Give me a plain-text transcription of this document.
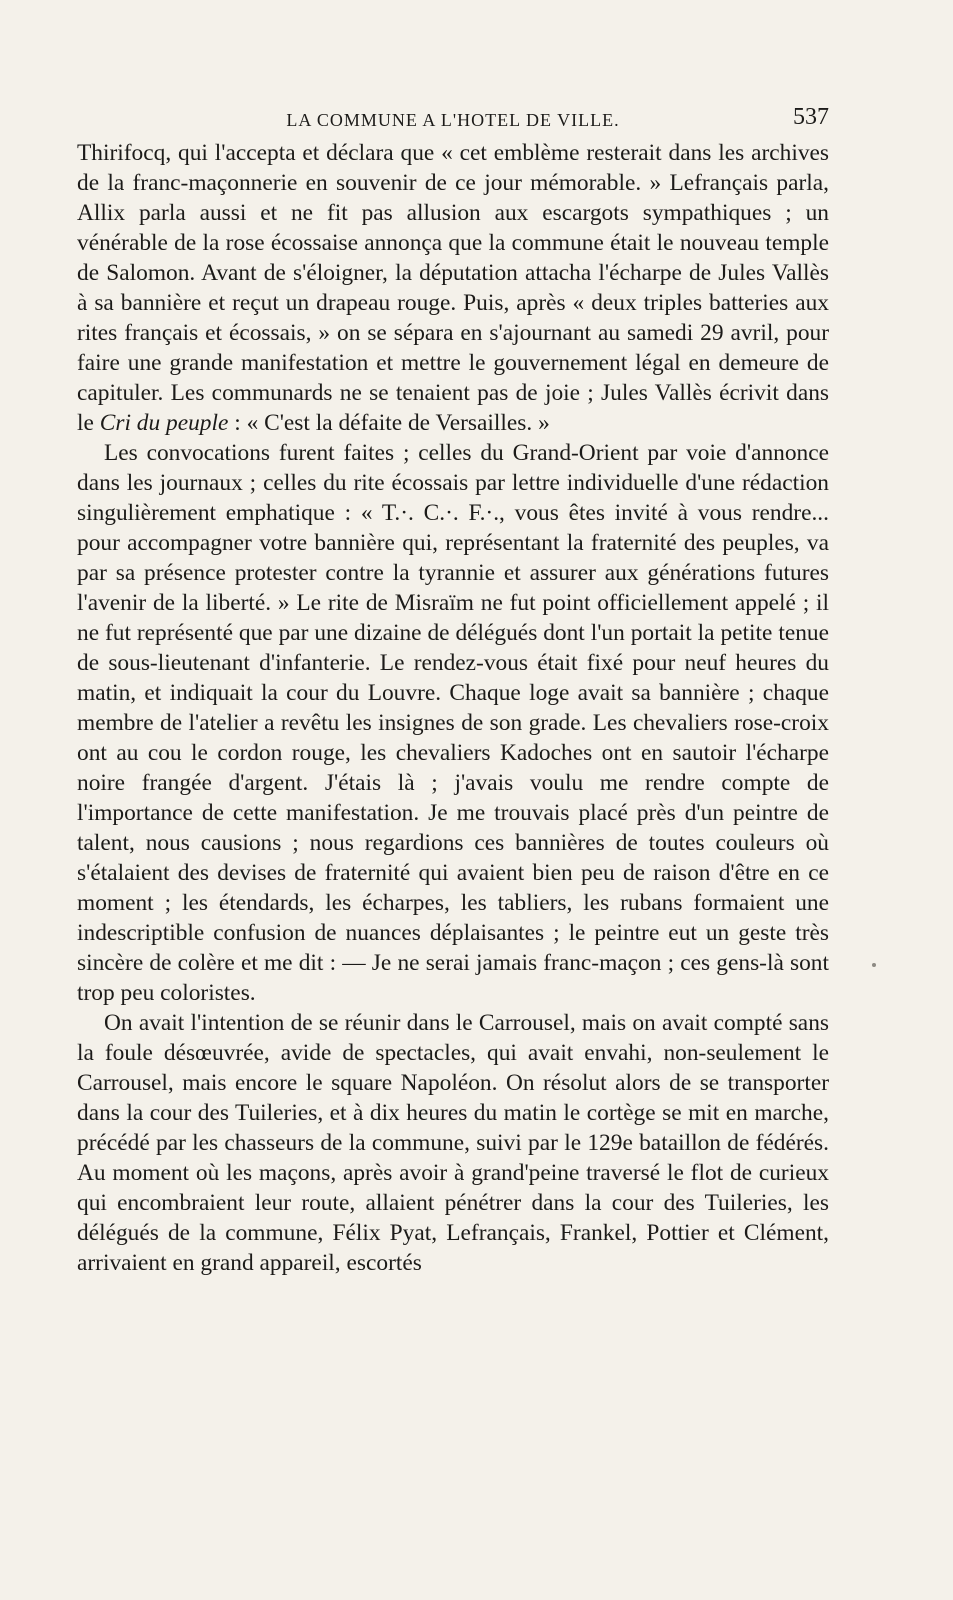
LA COMMUNE A L'HOTEL DE VILLE.	537

Thirifocq, qui l'accepta et déclara que « cet emblème resterait dans les archives de la franc-maçonnerie en souvenir de ce jour mémorable. » Lefrançais parla, Allix parla aussi et ne fit pas allusion aux escargots sympathiques ; un vénérable de la rose écossaise annonça que la commune était le nouveau temple de Salomon. Avant de s'éloigner, la députation attacha l'écharpe de Jules Vallès à sa bannière et reçut un drapeau rouge. Puis, après « deux triples batteries aux rites français et écossais, » on se sépara en s'ajournant au samedi 29 avril, pour faire une grande manifestation et mettre le gouvernement légal en demeure de capituler. Les communards ne se tenaient pas de joie ; Jules Vallès écrivit dans le Cri du peuple : « C'est la défaite de Versailles. »

Les convocations furent faites ; celles du Grand-Orient par voie d'annonce dans les journaux ; celles du rite écossais par lettre individuelle d'une rédaction singulièrement emphatique : « T.·. C.·. F.·., vous êtes invité à vous rendre... pour accompagner votre bannière qui, représentant la fraternité des peuples, va par sa présence protester contre la tyrannie et assurer aux générations futures l'avenir de la liberté. » Le rite de Misraïm ne fut point officiellement appelé ; il ne fut représenté que par une dizaine de délégués dont l'un portait la petite tenue de sous-lieutenant d'infanterie. Le rendez-vous était fixé pour neuf heures du matin, et indiquait la cour du Louvre. Chaque loge avait sa bannière ; chaque membre de l'atelier a revêtu les insignes de son grade. Les chevaliers rose-croix ont au cou le cordon rouge, les chevaliers Kadoches ont en sautoir l'écharpe noire frangée d'argent. J'étais là ; j'avais voulu me rendre compte de l'importance de cette manifestation. Je me trouvais placé près d'un peintre de talent, nous causions ; nous regardions ces bannières de toutes couleurs où s'étalaient des devises de fraternité qui avaient bien peu de raison d'être en ce moment ; les étendards, les écharpes, les tabliers, les rubans formaient une indescriptible confusion de nuances déplaisantes ; le peintre eut un geste très sincère de colère et me dit : — Je ne serai jamais franc-maçon ; ces gens-là sont trop peu coloristes.

On avait l'intention de se réunir dans le Carrousel, mais on avait compté sans la foule désœuvrée, avide de spectacles, qui avait envahi, non-seulement le Carrousel, mais encore le square Napoléon. On résolut alors de se transporter dans la cour des Tuileries, et à dix heures du matin le cortège se mit en marche, précédé par les chasseurs de la commune, suivi par le 129e bataillon de fédérés. Au moment où les maçons, après avoir à grand'peine traversé le flot de curieux qui encombraient leur route, allaient pénétrer dans la cour des Tuileries, les délégués de la commune, Félix Pyat, Lefrançais, Frankel, Pottier et Clément, arrivaient en grand appareil, escortés
